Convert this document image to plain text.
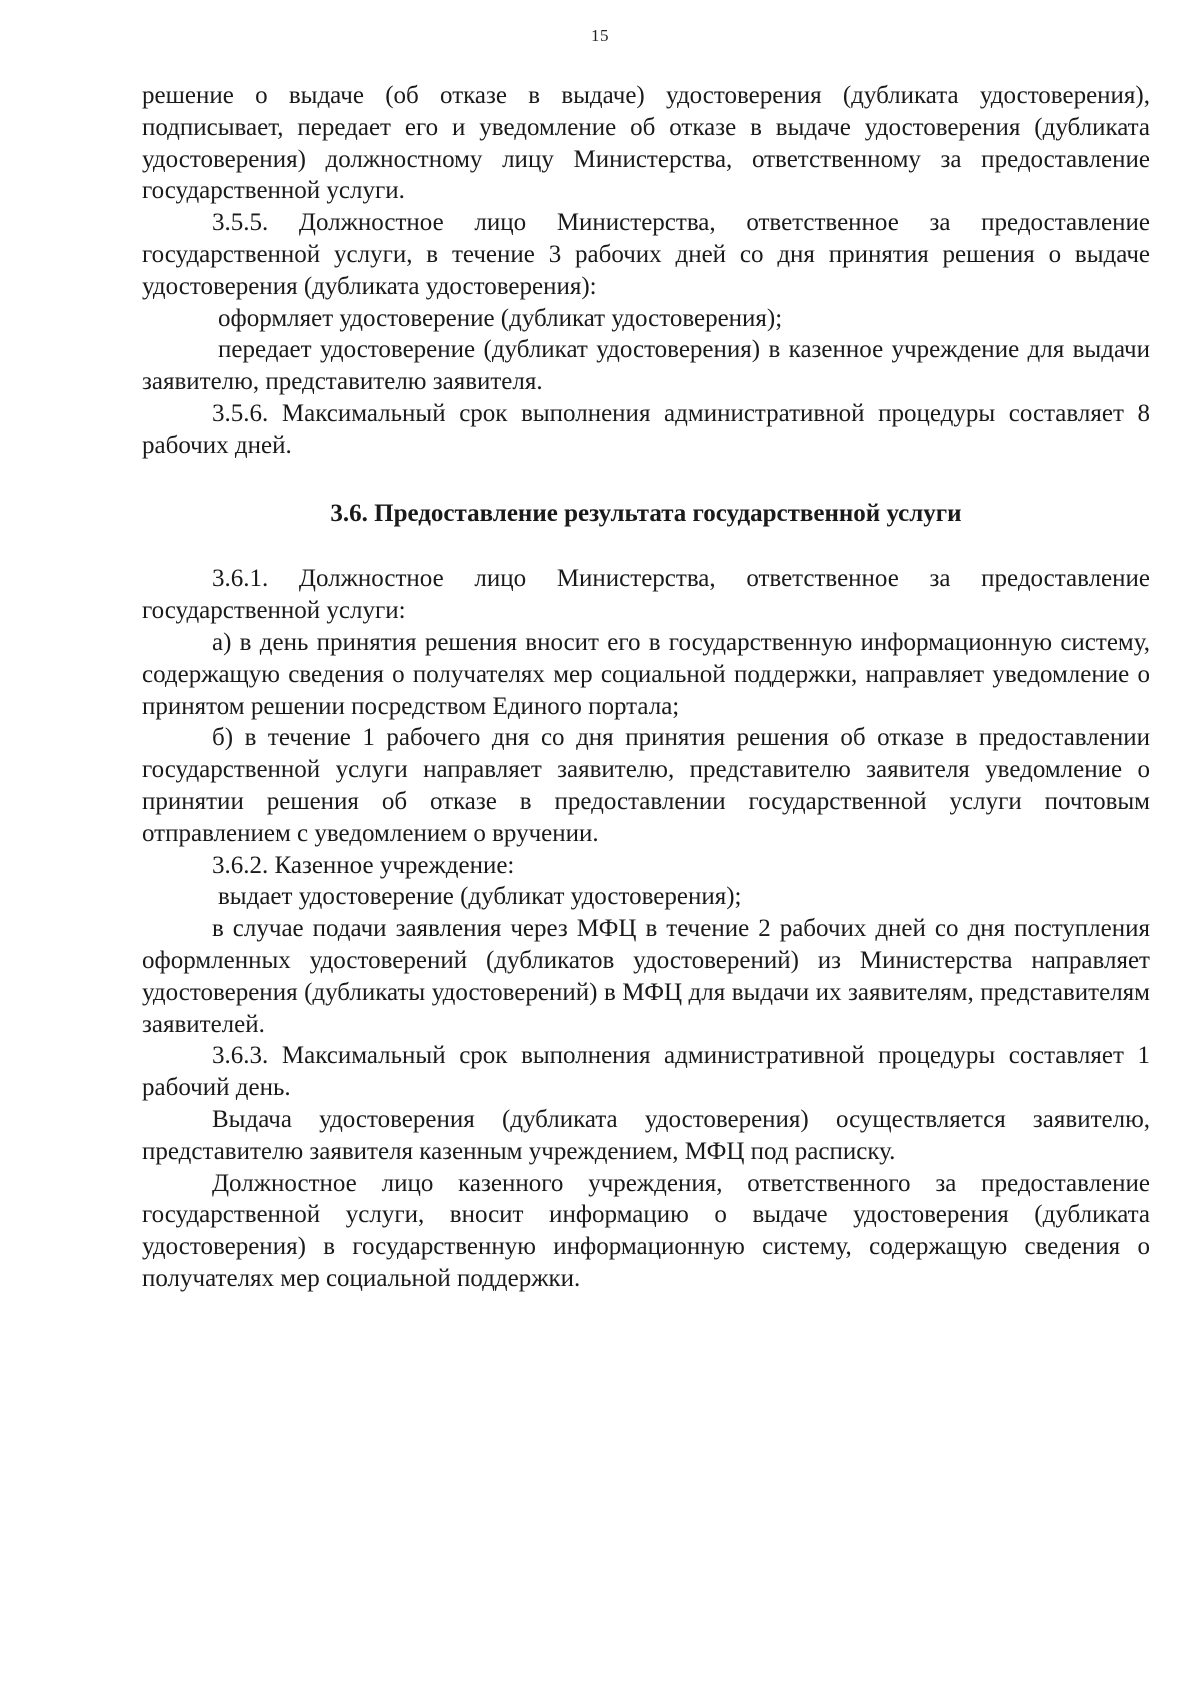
15

решение о выдаче (об отказе в выдаче) удостоверения (дубликата удостоверения), подписывает, передает его и уведомление об отказе в выдаче удостоверения (дубликата удостоверения) должностному лицу Министерства, ответственному за предоставление государственной услуги.

3.5.5. Должностное лицо Министерства, ответственное за предоставление государственной услуги, в течение 3 рабочих дней со дня принятия решения о выдаче удостоверения (дубликата удостоверения):

оформляет удостоверение (дубликат удостоверения);

передает удостоверение (дубликат удостоверения) в казенное учреждение для выдачи заявителю, представителю заявителя.

3.5.6. Максимальный срок выполнения административной процедуры составляет 8 рабочих дней.

3.6. Предоставление результата государственной услуги

3.6.1. Должностное лицо Министерства, ответственное за предоставление государственной услуги:

а) в день принятия решения вносит его в государственную информационную систему, содержащую сведения о получателях мер социальной поддержки, направляет уведомление о принятом решении посредством Единого портала;

б) в течение 1 рабочего дня со дня принятия решения об отказе в предоставлении государственной услуги направляет заявителю, представителю заявителя уведомление о принятии решения об отказе в предоставлении государственной услуги почтовым отправлением с уведомлением о вручении.

3.6.2. Казенное учреждение:

выдает удостоверение (дубликат удостоверения);

в случае подачи заявления через МФЦ в течение 2 рабочих дней со дня поступления оформленных удостоверений (дубликатов удостоверений) из Министерства направляет удостоверения (дубликаты удостоверений) в МФЦ для выдачи их заявителям, представителям заявителей.

3.6.3. Максимальный срок выполнения административной процедуры составляет 1 рабочий день.

Выдача удостоверения (дубликата удостоверения) осуществляется заявителю, представителю заявителя казенным учреждением, МФЦ под расписку.

Должностное лицо казенного учреждения, ответственного за предоставление государственной услуги, вносит информацию о выдаче удостоверения (дубликата удостоверения) в государственную информационную систему, содержащую сведения о получателях мер социальной поддержки.
